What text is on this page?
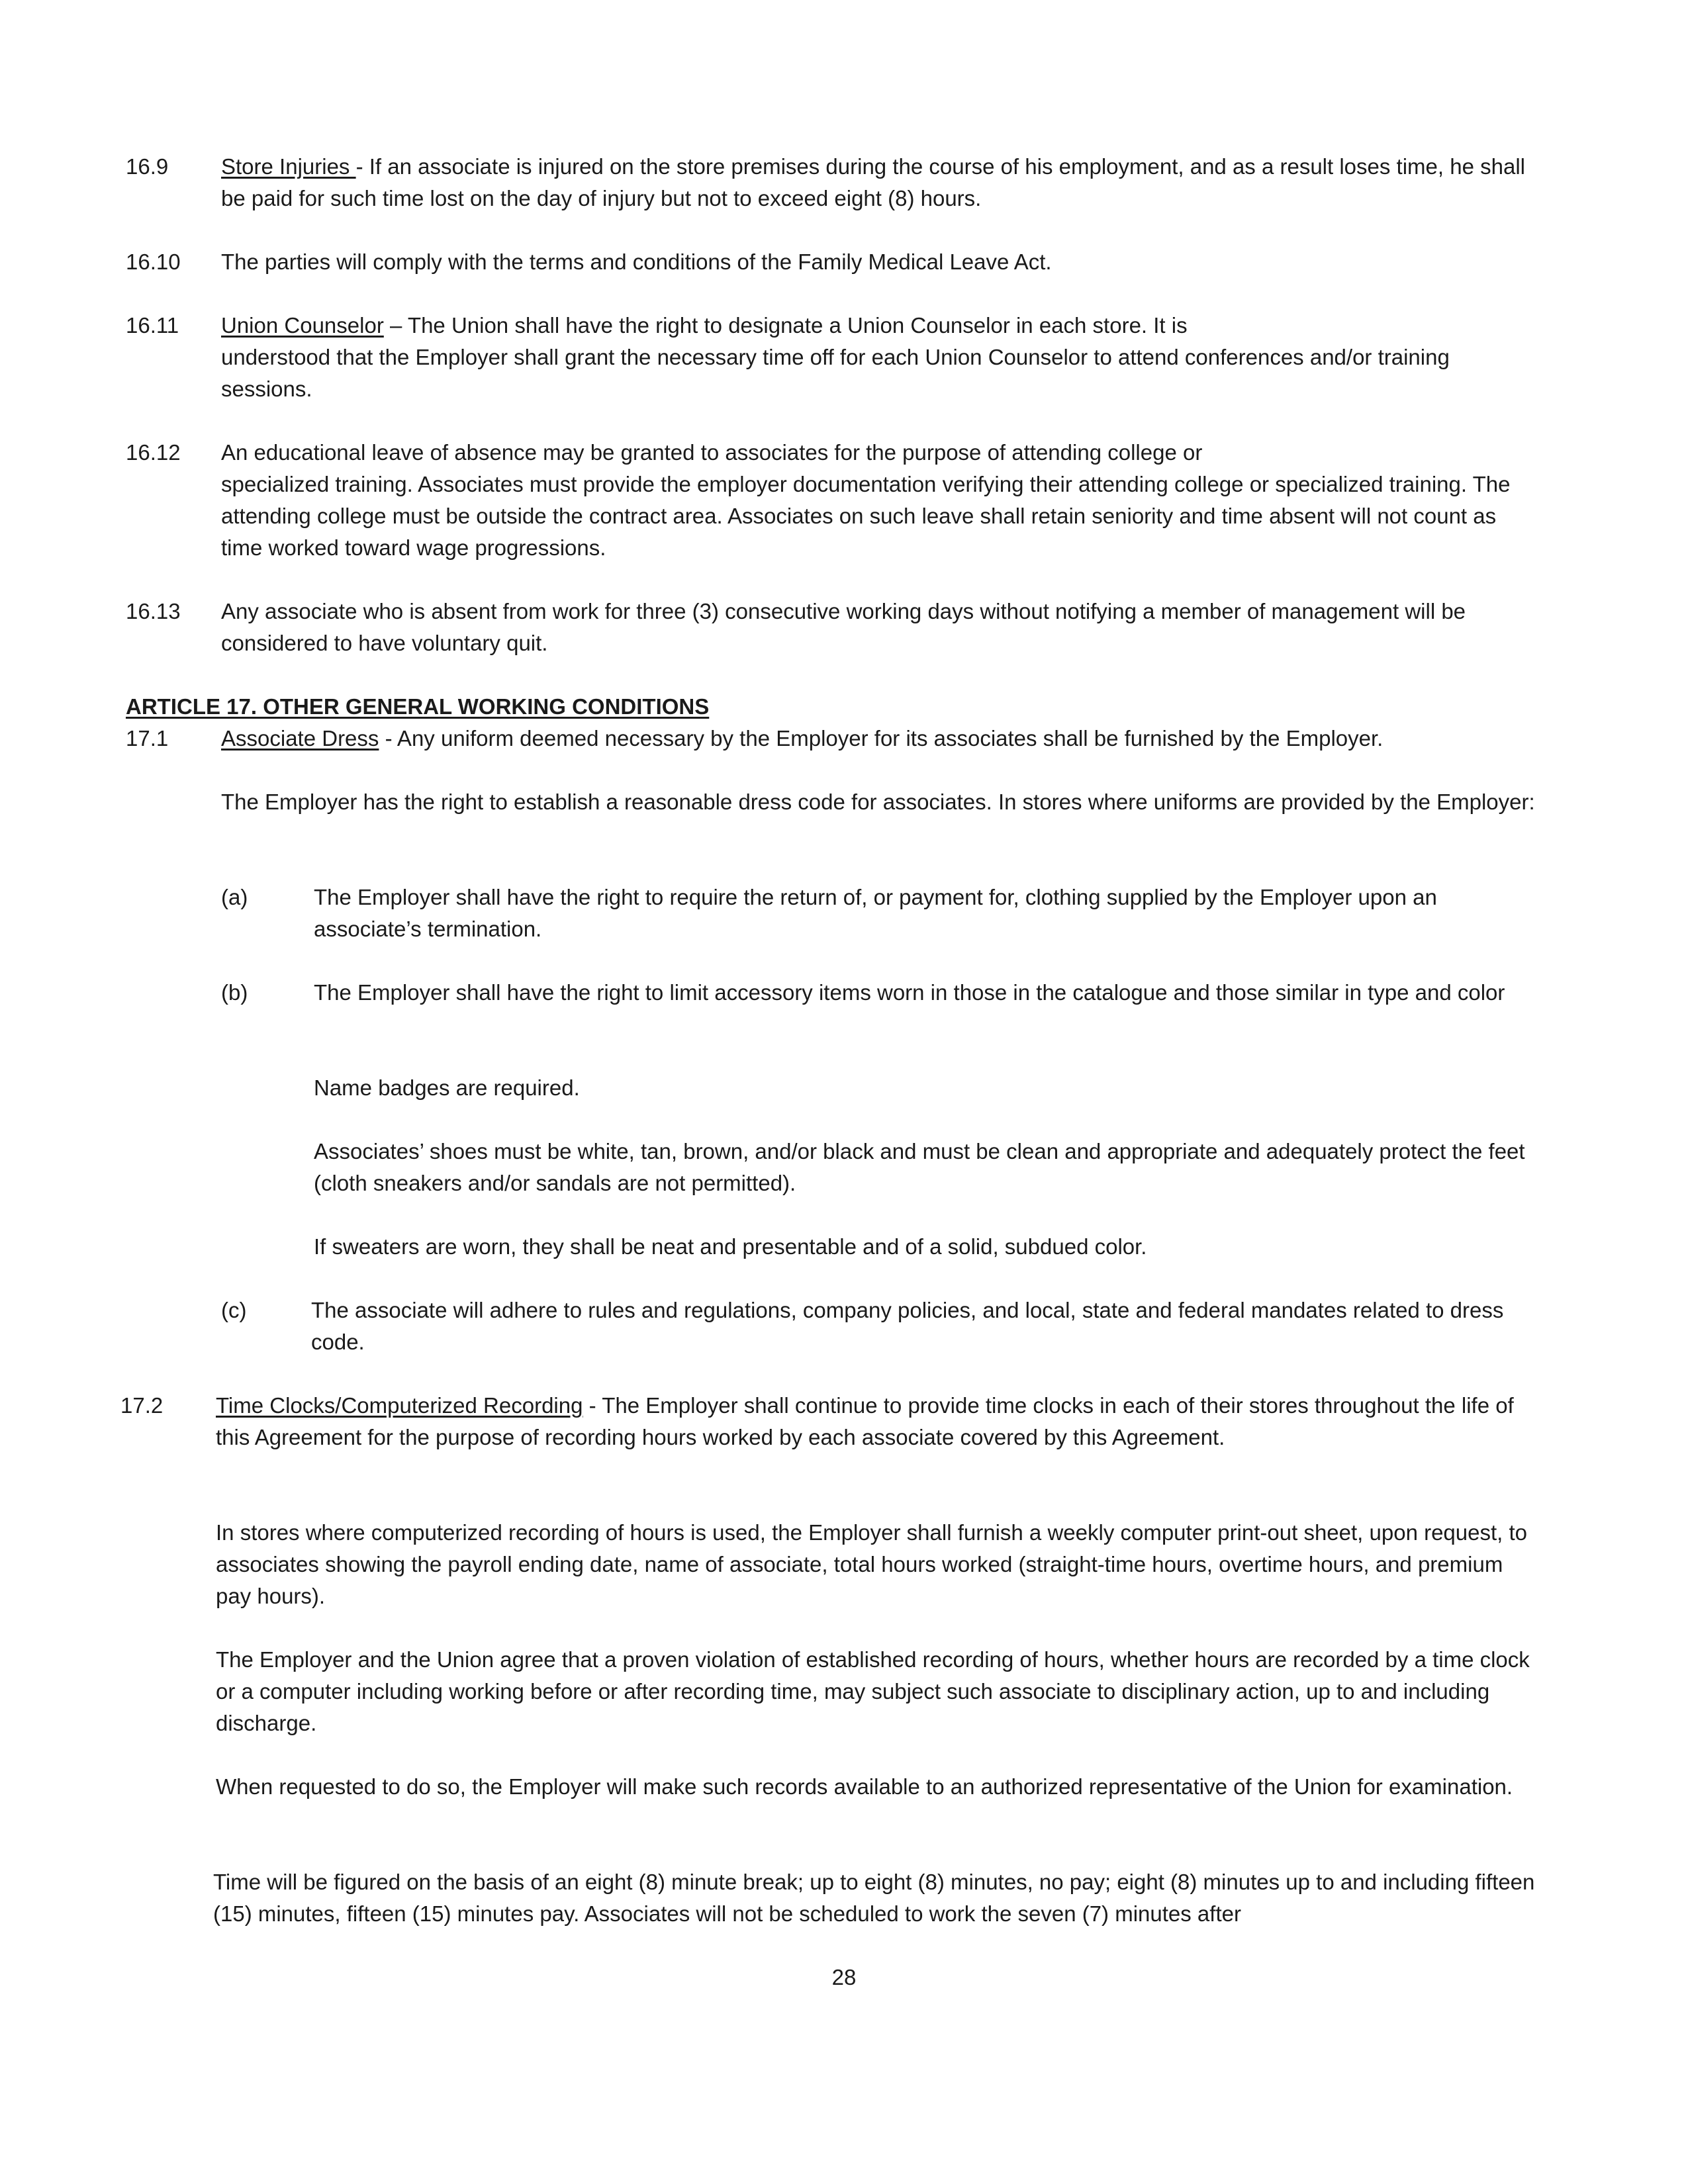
16.9 Store Injuries - If an associate is injured on the store premises during the course of his employment, and as a result loses time, he shall be paid for such time lost on the day of injury but not to exceed eight (8) hours.
16.10 The parties will comply with the terms and conditions of the Family Medical Leave Act.
16.11 Union Counselor – The Union shall have the right to designate a Union Counselor in each store. It is
understood that the Employer shall grant the necessary time off for each Union Counselor to attend conferences and/or training sessions.
16.12 An educational leave of absence may be granted to associates for the purpose of attending college or
specialized training. Associates must provide the employer documentation verifying their attending college or specialized training. The attending college must be outside the contract area. Associates on such leave shall retain seniority and time absent will not count as time worked toward wage progressions.
16.13 Any associate who is absent from work for three (3) consecutive working days without notifying a member of management will be considered to have voluntary quit.
ARTICLE 17. OTHER GENERAL WORKING CONDITIONS
17.1 Associate Dress - Any uniform deemed necessary by the Employer for its associates shall be furnished by the Employer.
The Employer has the right to establish a reasonable dress code for associates. In stores where uniforms are provided by the Employer:
(a)	The Employer shall have the right to require the return of, or payment for, clothing supplied by the Employer upon an associate’s termination.
(b)	The Employer shall have the right to limit accessory items worn in those in the catalogue and those similar in type and color
Name badges are required.
Associates’ shoes must be white, tan, brown, and/or black and must be clean and appropriate and adequately protect the feet (cloth sneakers and/or sandals are not permitted).
If sweaters are worn, they shall be neat and presentable and of a solid, subdued color.
(c)	The associate will adhere to rules and regulations, company policies, and local, state and federal mandates related to dress code.
17.2 Time Clocks/Computerized Recording - The Employer shall continue to provide time clocks in each of their stores throughout the life of this Agreement for the purpose of recording hours worked by each associate covered by this Agreement.
In stores where computerized recording of hours is used, the Employer shall furnish a weekly computer print-out sheet, upon request, to associates showing the payroll ending date, name of associate, total hours worked (straight-time hours, overtime hours, and premium pay hours).
The Employer and the Union agree that a proven violation of established recording of hours, whether hours are recorded by a time clock or a computer including working before or after recording time, may subject such associate to disciplinary action, up to and including discharge.
When requested to do so, the Employer will make such records available to an authorized representative of the Union for examination.
Time will be figured on the basis of an eight (8) minute break; up to eight (8) minutes, no pay; eight (8) minutes up to and including fifteen (15) minutes, fifteen (15) minutes pay. Associates will not be scheduled to work the seven (7) minutes after
28
